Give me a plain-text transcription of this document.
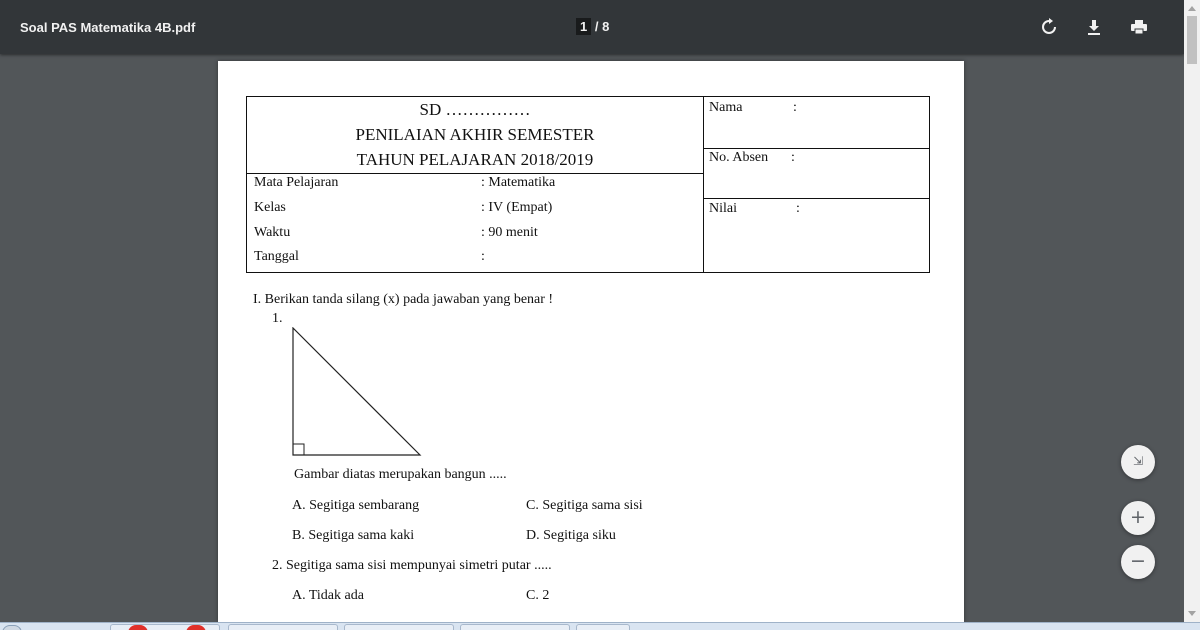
Soal PAS Matematika 4B.pdf	1 / 8
SD ……………
PENILAIAN AKHIR SEMESTER
TAHUN PELAJARAN 2018/2019
Mata Pelajaran	: Matematika
Kelas	: IV (Empat)
Waktu	: 90 menit
Tanggal	:
Nama	:
No. Absen :
Nilai	:
I. Berikan tanda silang (x) pada jawaban yang benar !
1.
Gambar diatas merupakan bangun .....
A. Segitiga sembarang	C. Segitiga sama sisi
B. Segitiga sama kaki	D. Segitiga siku
2. Segitiga sama sisi mempunyai simetri putar .....
A. Tidak ada	C. 2
⇲
+
−
